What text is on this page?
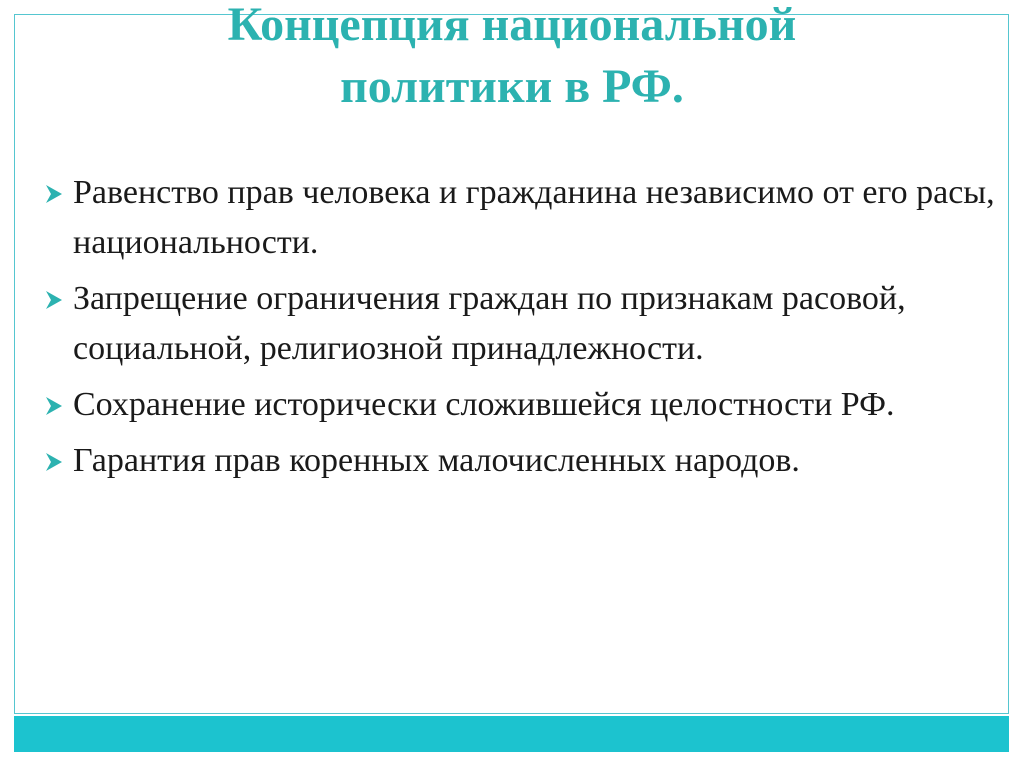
Концепция национальной
политики в РФ.
Равенство прав человека и гражданина независимо от его расы, национальности.
Запрещение ограничения граждан по признакам расовой, социальной, религиозной принадлежности.
Сохранение исторически сложившейся целостности РФ.
Гарантия прав коренных малочисленных народов.
